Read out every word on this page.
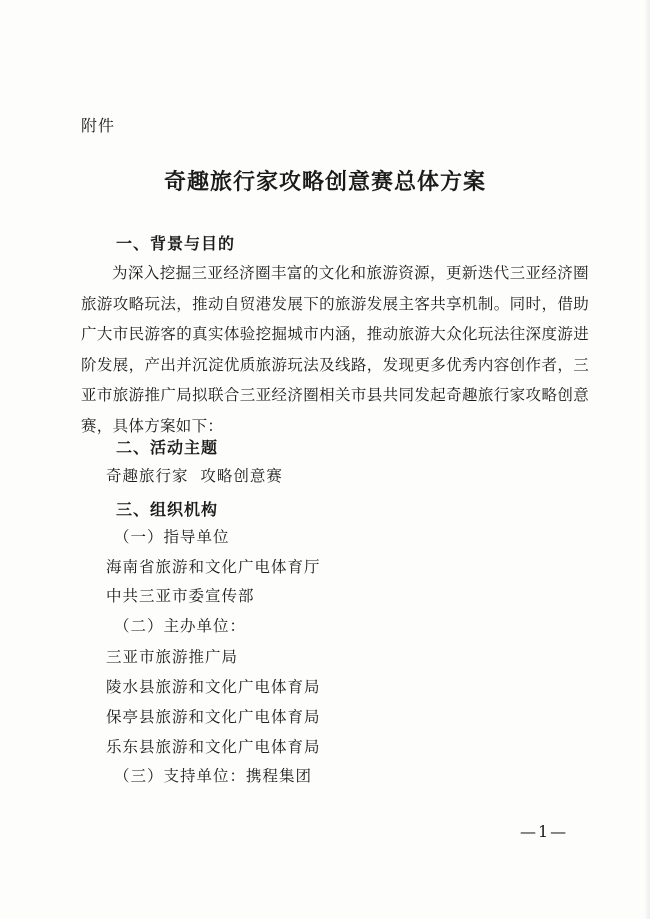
附件
奇趣旅行家攻略创意赛总体方案
一、背景与目的
为深入挖掘三亚经济圈丰富的文化和旅游资源，更新迭代三亚经济圈旅游攻略玩法，推动自贸港发展下的旅游发展主客共享机制。同时，借助广大市民游客的真实体验挖掘城市内涵，推动旅游大众化玩法往深度游进阶发展，产出并沉淀优质旅游玩法及线路，发现更多优秀内容创作者，三亚市旅游推广局拟联合三亚经济圈相关市县共同发起奇趣旅行家攻略创意赛，具体方案如下：
二、活动主题
奇趣旅行家  攻略创意赛
三、组织机构
（一）指导单位
海南省旅游和文化广电体育厅
中共三亚市委宣传部
（二）主办单位：
三亚市旅游推广局
陵水县旅游和文化广电体育局
保亭县旅游和文化广电体育局
乐东县旅游和文化广电体育局
（三）支持单位：携程集团
—1—
